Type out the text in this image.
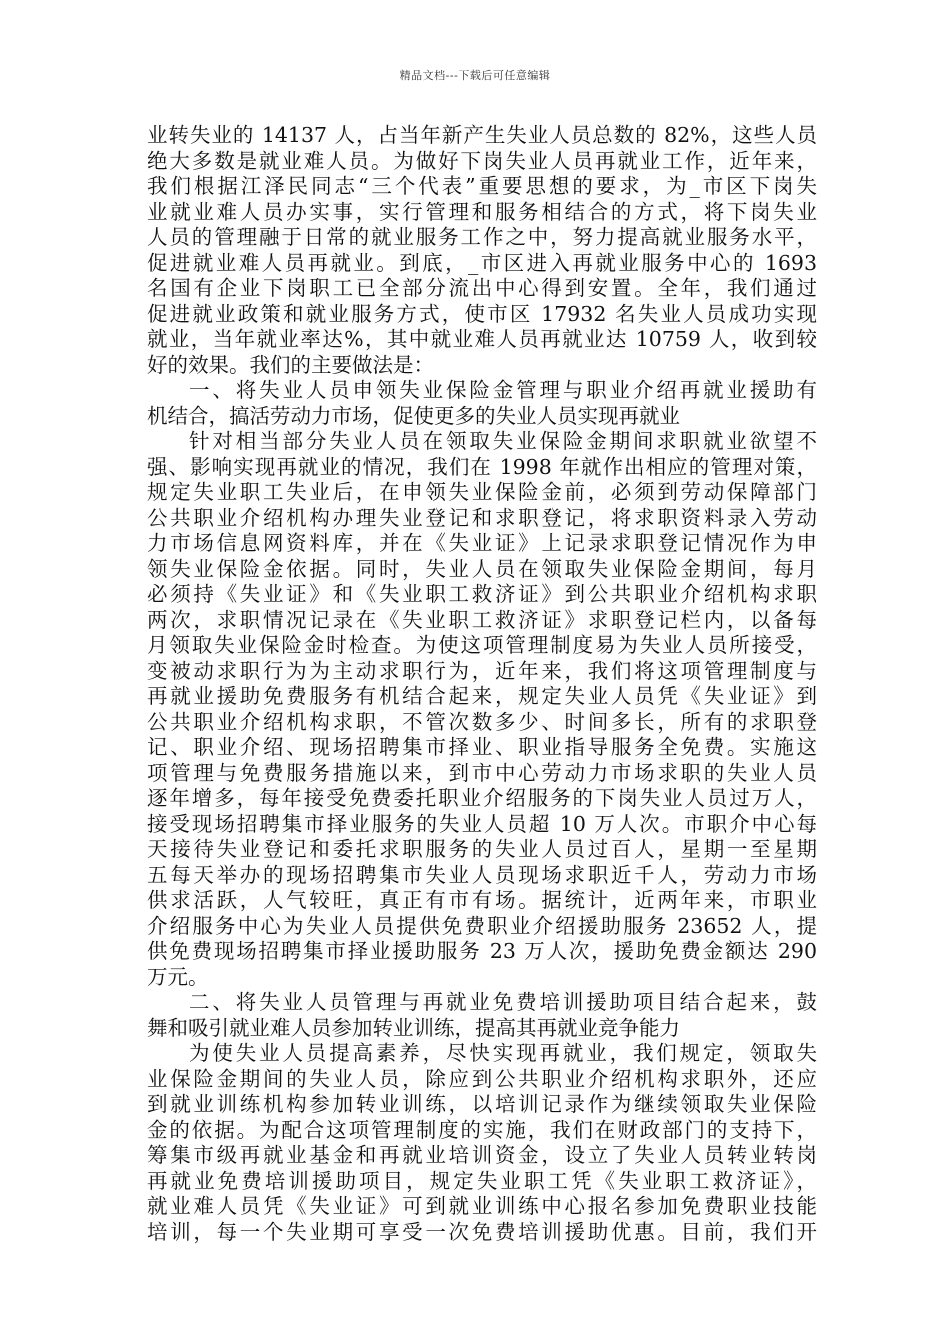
精品文档---下载后可任意编辑
业转失业的 14137 人，占当年新产生失业人员总数的 82%，这些人员
绝大多数是就业难人员。为做好下岗失业人员再就业工作，近年来，
我们根据江泽民同志“三个代表”重要思想的要求，为_市区下岗失
业就业难人员办实事，实行管理和服务相结合的方式，将下岗失业
人员的管理融于日常的就业服务工作之中，努力提高就业服务水平，
促进就业难人员再就业。到底，_市区进入再就业服务中心的 1693
名国有企业下岗职工已全部分流出中心得到安置。全年，我们通过
促进就业政策和就业服务方式，使市区 17932 名失业人员成功实现
就业，当年就业率达%，其中就业难人员再就业达 10759 人，收到较
好的效果。我们的主要做法是：
一、将失业人员申领失业保险金管理与职业介绍再就业援助有
机结合，搞活劳动力市场，促使更多的失业人员实现再就业
针对相当部分失业人员在领取失业保险金期间求职就业欲望不
强、影响实现再就业的情况，我们在 1998 年就作出相应的管理对策，
规定失业职工失业后，在申领失业保险金前，必须到劳动保障部门
公共职业介绍机构办理失业登记和求职登记，将求职资料录入劳动
力市场信息网资料库，并在《失业证》上记录求职登记情况作为申
领失业保险金依据。同时，失业人员在领取失业保险金期间，每月
必须持《失业证》和《失业职工救济证》到公共职业介绍机构求职
两次，求职情况记录在《失业职工救济证》求职登记栏内，以备每
月领取失业保险金时检查。为使这项管理制度易为失业人员所接受，
变被动求职行为为主动求职行为，近年来，我们将这项管理制度与
再就业援助免费服务有机结合起来，规定失业人员凭《失业证》到
公共职业介绍机构求职，不管次数多少、时间多长，所有的求职登
记、职业介绍、现场招聘集市择业、职业指导服务全免费。实施这
项管理与免费服务措施以来，到市中心劳动力市场求职的失业人员
逐年增多，每年接受免费委托职业介绍服务的下岗失业人员过万人，
接受现场招聘集市择业服务的失业人员超 10 万人次。市职介中心每
天接待失业登记和委托求职服务的失业人员过百人，星期一至星期
五每天举办的现场招聘集市失业人员现场求职近千人，劳动力市场
供求活跃，人气较旺，真正有市有场。据统计，近两年来，市职业
介绍服务中心为失业人员提供免费职业介绍援助服务 23652 人，提
供免费现场招聘集市择业援助服务 23 万人次，援助免费金额达 290
万元。
二、将失业人员管理与再就业免费培训援助项目结合起来，鼓
舞和吸引就业难人员参加转业训练，提高其再就业竞争能力
为使失业人员提高素养，尽快实现再就业，我们规定，领取失
业保险金期间的失业人员，除应到公共职业介绍机构求职外，还应
到就业训练机构参加转业训练，以培训记录作为继续领取失业保险
金的依据。为配合这项管理制度的实施，我们在财政部门的支持下，
筹集市级再就业基金和再就业培训资金，设立了失业人员转业转岗
再就业免费培训援助项目，规定失业职工凭《失业职工救济证》，
就业难人员凭《失业证》可到就业训练中心报名参加免费职业技能
培训，每一个失业期可享受一次免费培训援助优惠。目前，我们开
